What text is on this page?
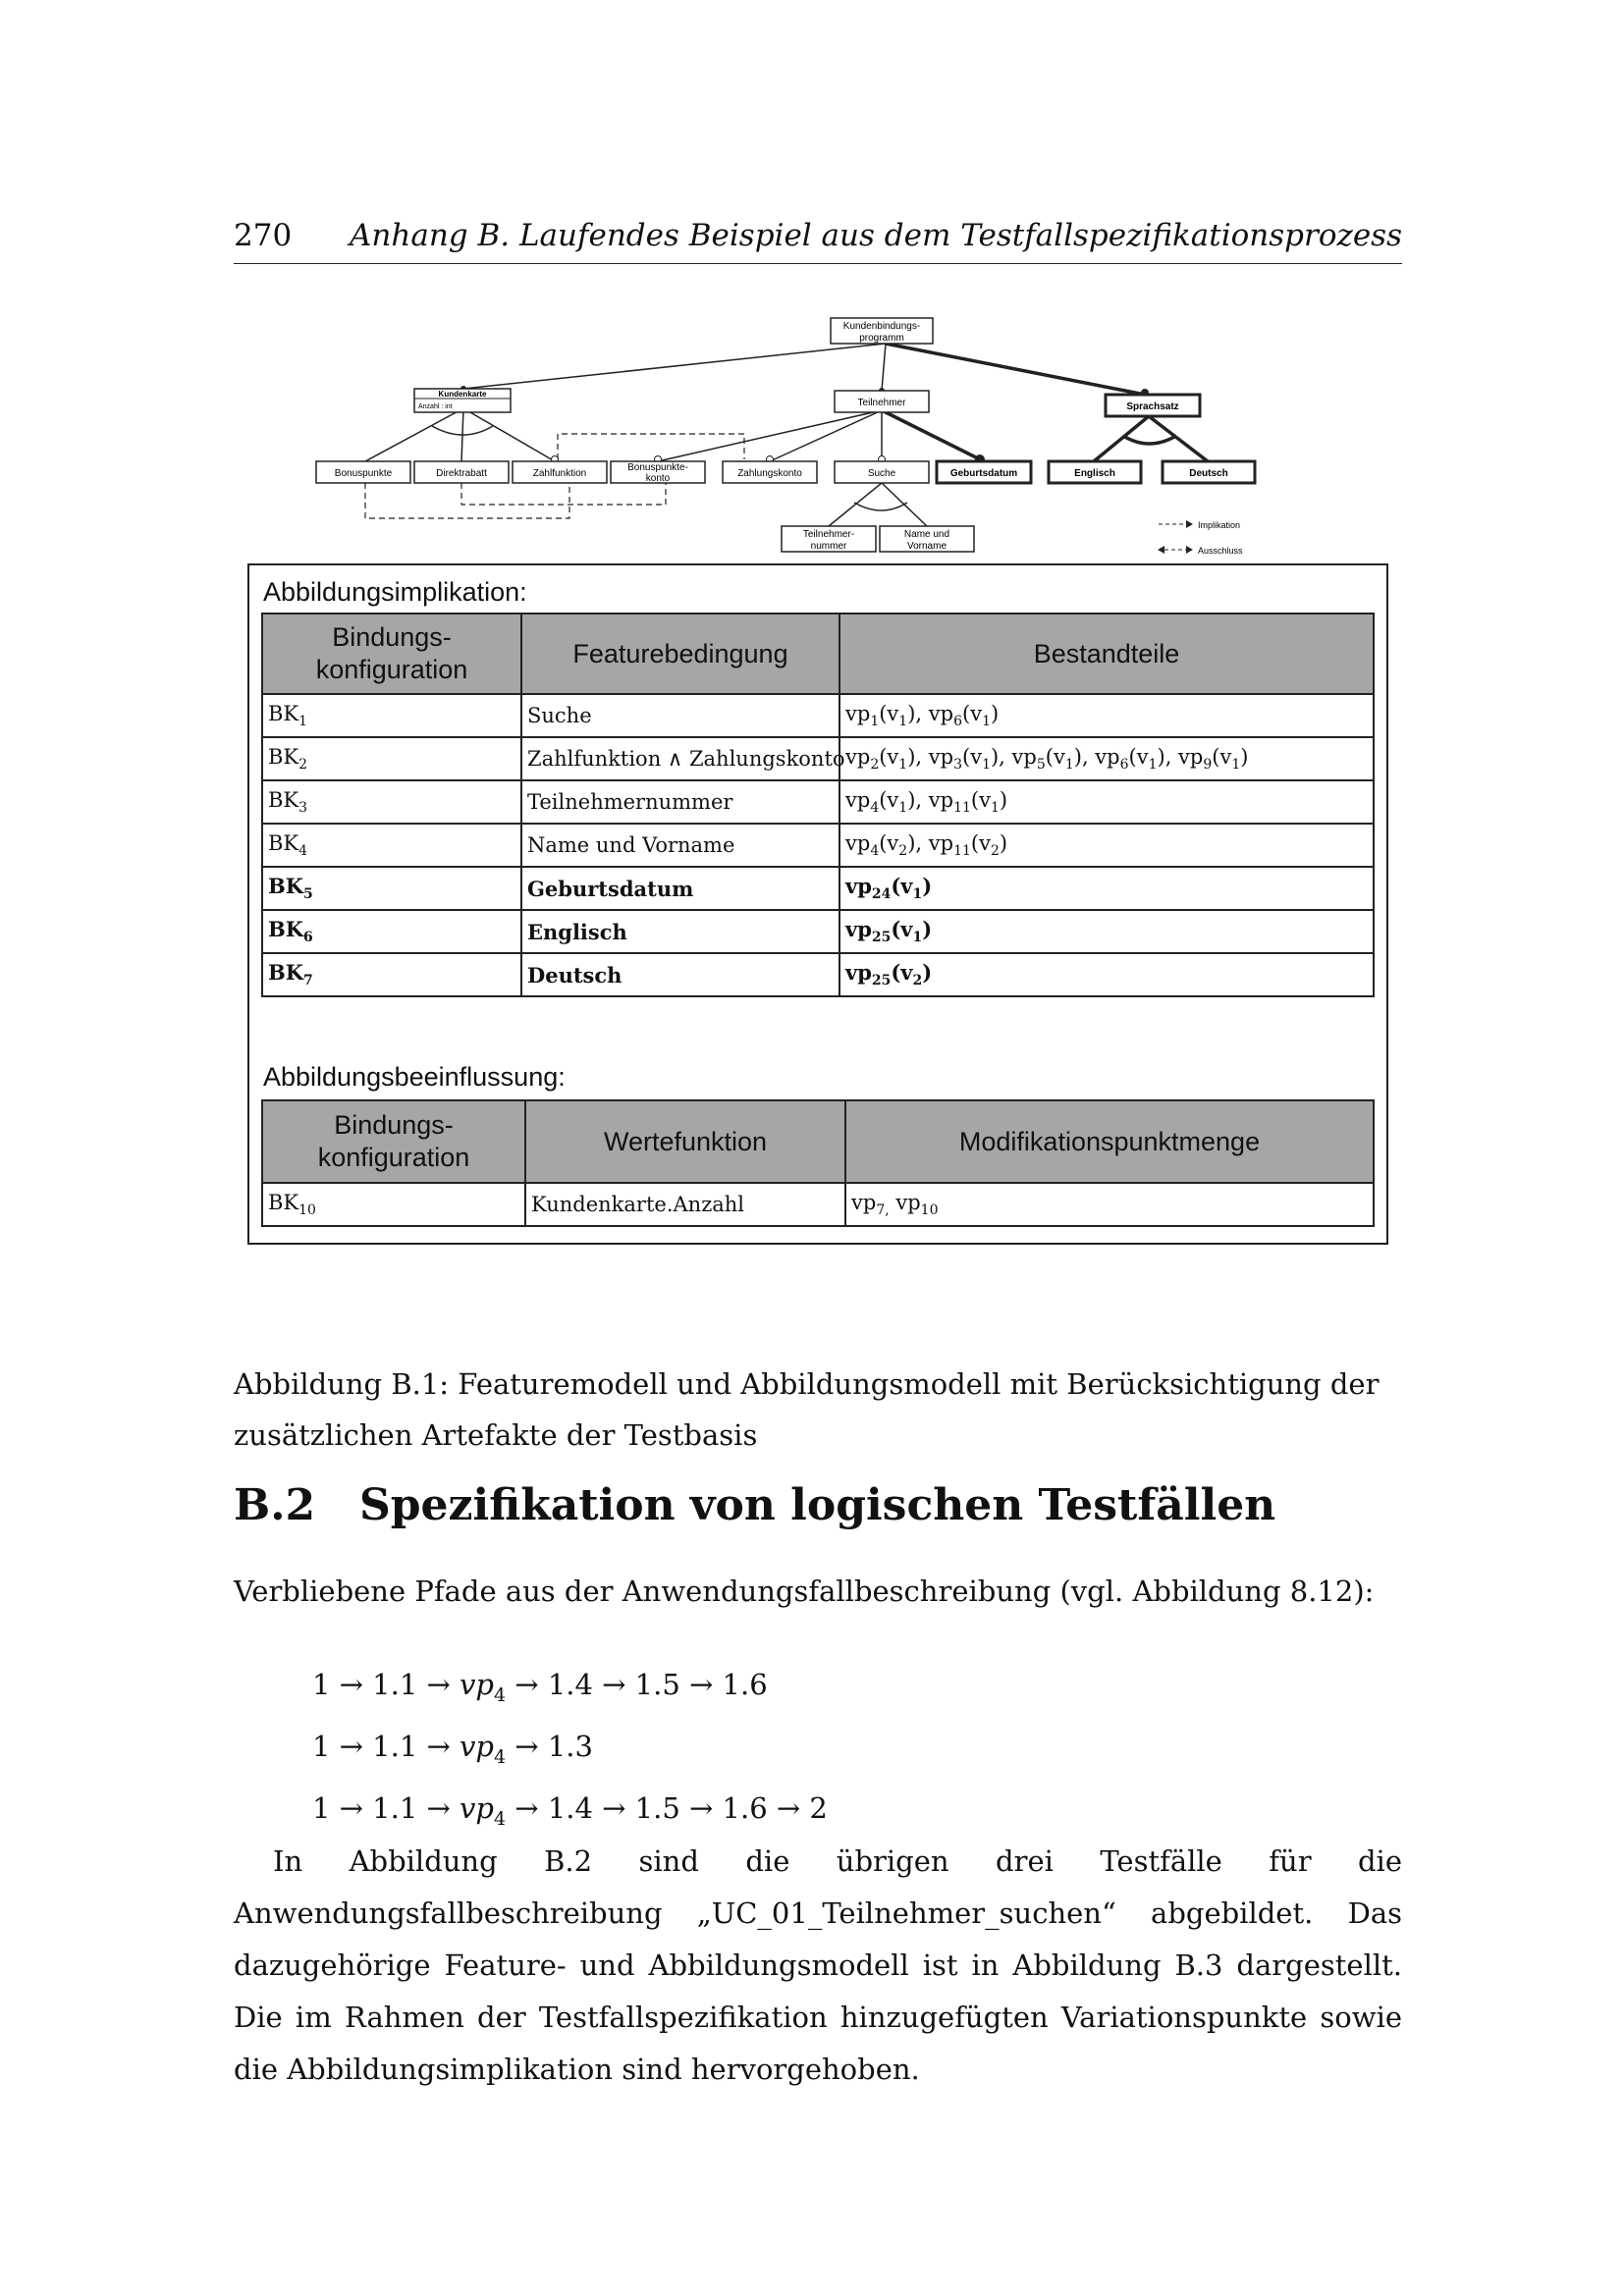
270 Anhang B. Laufendes Beispiel aus dem Testfallspezifikationsprozess
Kundenbindungs-
programm
Kundenkarte
Anzahl : int	Teilnehmer	Sprachsatz
Bonuspunkte	Direktrabatt	Zahlfunktion
Bonuspunkte-
konto	Zahlungskonto	Suche	Geburtsdatum	Englisch	Deutsch
Teilnehmer-
nummer
Name und
Vorname
Implikation
Ausschluss
Abbildungsimplikation:
Bindungs-
konfiguration	Featurebedingung	Bestandteile
$BK_1$	Suche	$vp_1(v_1)$, $vp_6(v_1)$
$BK_2$	Zahlfunktion ∧ Zahlungskonto	$vp_2(v_1)$, $vp_3(v_1)$, $vp_5(v_1)$, $vp_6(v_1)$, $vp_9(v_1)$
$BK_3$	Teilnehmernummer	$vp_4(v_1)$, $vp_{11}(v_1)$
$BK_4$	Name und Vorname	$vp_4(v_2)$, $vp_{11}(v_2)$
$BK_5$	Geburtsdatum	$vp_{24}(v_1)$
$BK_6$	Englisch	$vp_{25}(v_1)$
$BK_7$	Deutsch	$vp_{25}(v_2)$
Abbildungsbeeinflussung:
Bindungs-
konfiguration	Wertefunktion	Modifikationspunktmenge
$BK_{10}$	Kundenkarte.Anzahl	$vp_{7,}$ $vp_{10}$
Abbildung B.1: Featuremodell und Abbildungsmodell mit Berücksichtigung der zusätzlichen Artefakte der Testbasis
B.2 Spezifikation von logischen Testfällen
Verbliebene Pfade aus der Anwendungsfallbeschreibung (vgl. Abbildung 8.12):
$1 \to 1.1 \to vp_4 \to 1.4 \to 1.5 \to 1.6$
$1 \to 1.1 \to vp_4 \to 1.3$
$1 \to 1.1 \to vp_4 \to 1.4 \to 1.5 \to 1.6 \to 2$
In Abbildung B.2 sind die übrigen drei Testfälle für die Anwendungsfallbeschreibung „UC_01_Teilnehmer_suchen“ abgebildet. Das dazugehörige Feature- und Abbildungsmodell ist in Abbildung B.3 dargestellt. Die im Rahmen der Testfallspezifikation hinzugefügten Variationspunkte sowie die Abbildungsimplikation sind hervorgehoben.
